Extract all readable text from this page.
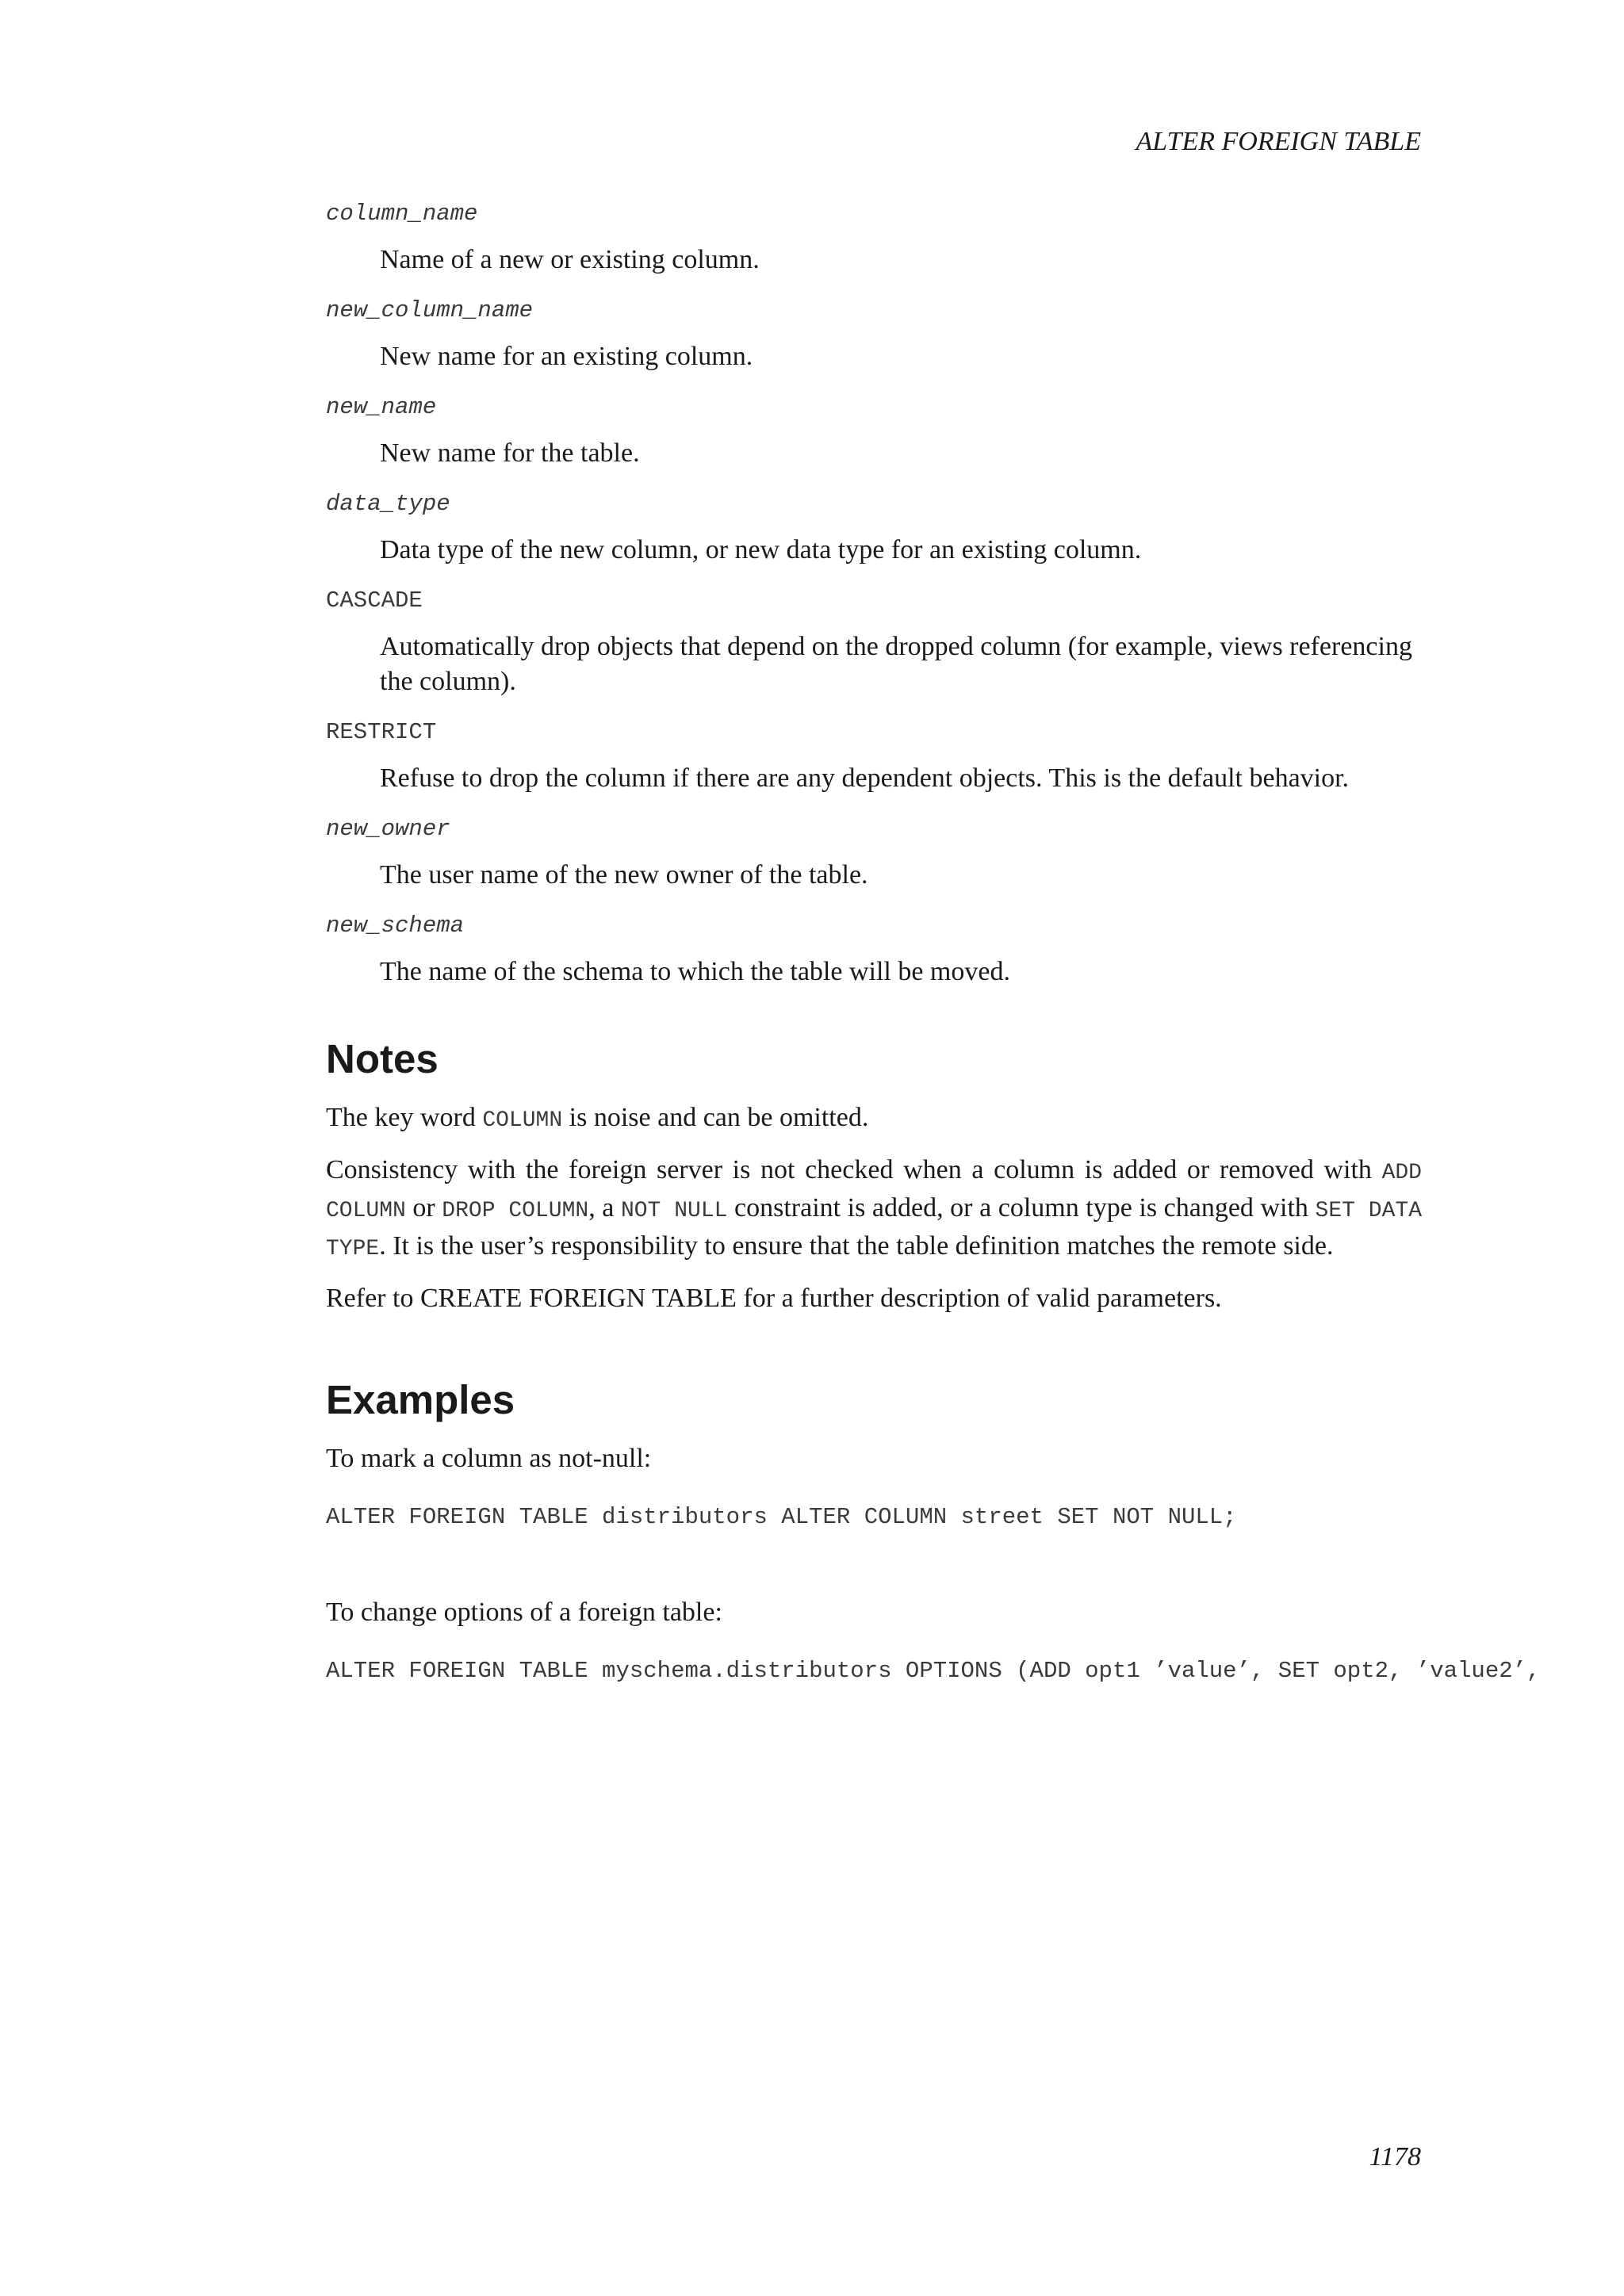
ALTER FOREIGN TABLE

column_name

Name of a new or existing column.

new_column_name

New name for an existing column.

new_name

New name for the table.

data_type

Data type of the new column, or new data type for an existing column.

CASCADE

Automatically drop objects that depend on the dropped column (for example, views referencing the column).

RESTRICT

Refuse to drop the column if there are any dependent objects. This is the default behavior.

new_owner

The user name of the new owner of the table.

new_schema

The name of the schema to which the table will be moved.

Notes

The key word COLUMN is noise and can be omitted.

Consistency with the foreign server is not checked when a column is added or removed with ADD COLUMN or DROP COLUMN, a NOT NULL constraint is added, or a column type is changed with SET DATA TYPE. It is the user’s responsibility to ensure that the table definition matches the remote side.

Refer to CREATE FOREIGN TABLE for a further description of valid parameters.

Examples

To mark a column as not-null:

ALTER FOREIGN TABLE distributors ALTER COLUMN street SET NOT NULL;

To change options of a foreign table:

ALTER FOREIGN TABLE myschema.distributors OPTIONS (ADD opt1 ’value’, SET opt2, ’value2’,

1178
